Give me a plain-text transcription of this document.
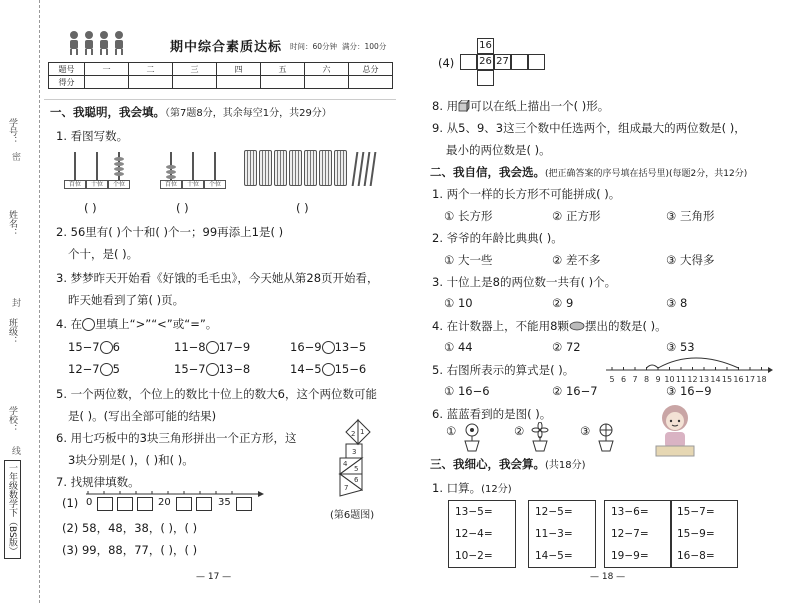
学号：
密
姓名：
封
班级：
学校：
线
一年级数学下（BS版）
期中综合素质达标 时间：60分钟 满分：100分
题号	一	二	三	四	五	六	总分
得分							
一、我聪明，我会填。（第7题8分，其余每空1分，共29分）
1. 看图写数。
百位	十位	个位	百位	十位	个位
( )	( )	( )
2. 56里有( )个十和( )个一；99再添上1是( )
个十，是( )。
3. 梦梦昨天开始看《好饿的毛毛虫》，今天她从第28页开始看，
昨天她看到了第( )页。
4. 在 里填上“>”“<”或“=”。
15−7 6	11−8 17−9	16−9 13−5
12−7 5	15−7 13−8	14−5 15−6
5. 一个两位数，个位上的数比十位上的数大6，这个两位数可能
是( )。(写出全部可能的结果)
6. 用七巧板中的3块三角形拼出一个正方形，这
3块分别是( )，( )和( )。
1
2
3
4
5
6
7
(第6题图)
7. 找规律填数。
(1) 0	20	35
(2) 58，48，38，( )，( )
(3) 99，88，77，( )，( )
— 17 —
(4)
16
26 27
8. 用 可以在纸上描出一个( )形。
9. 从5、9、3这三个数中任选两个，组成最大的两位数是( )，
最小的两位数是( )。
二、我自信，我会选。(把正确答案的序号填在括号里)(每题2分，共12分)
1. 两个一样的长方形不可能拼成( )。
① 长方形	② 正方形	③ 三角形
2. 爷爷的年龄比典典( )。
① 大一些	② 差不多	③ 大得多
3. 十位上是8的两位数一共有( )个。
① 10	② 9	③ 8
4. 在计数器上，不能用8颗 摆出的数是( )。
① 44	② 72	③ 53
5. 右图所表示的算式是( )。
5 6 7 8 9 10 11 12 13 14 15 16 17 18
① 16−6	② 16−7	③ 16−9
6. 蓝蓝看到的是图( )。
①	②	③
三、我细心，我会算。(共18分)
1. 口算。(12分)
13−5=
12−4=
10−2=
12−5=
11−3=
14−5=
13−6=
12−7=
19−9=
15−7=
15−9=
16−8=
— 18 —
